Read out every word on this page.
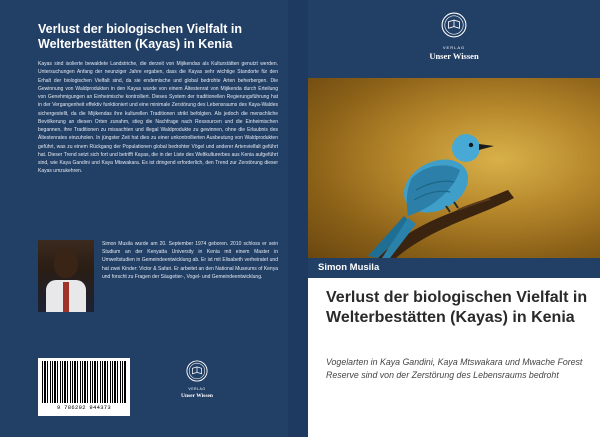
Verlust der biologischen Vielfalt in Welterbestätten (Kayas) in Kenia
Kayas sind isolierte bewaldete Landstriche, die derzeit von Mijikendas als Kulturstätten genutzt werden. Untersuchungen Anfang der neunziger Jahre ergaben, dass die Kayas sehr wichtige Standorte für den Erhalt der biologischen Vielfalt sind, da sie endemische und global bedrohte Arten beherbergen. Die Gewinnung von Waldprodukten in den Kayas wurde von einem Ältestenrat von Mijikenda durch Erteilung von Genehmigungen an Einheimische kontrolliert. Dieses System der traditionellen Regierungsführung hat in der Vergangenheit effektiv funktioniert und eine minimale Zerstörung des Lebensraums des Kaya-Waldes sichergestellt, da die Mijikendas ihre kulturellen Traditionen strikt befolgten. Als jedoch die menschliche Bevölkerung an diesen Orten zunahm, stieg die Nachfrage nach Ressourcen und die Einheimischen begannen, ihre Traditionen zu missachten und illegal Waldprodukte zu gewinnen, ohne die Erlaubnis des Ältestenrates einzuholen. In jüngster Zeit hat dies zu einer unkontrollierten Ausbeutung von Waldprodukten geführt, was zu einem Rückgang der Populationen global bedrohter Vögel und anderer Artenvielfalt geführt hat. Dieser Trend setzt sich fort und betrifft Kayas, die in der Liste des Weltkulturerbes aus Kenia aufgeführt sind, wie Kaya Gandini und Kaya Mtswakara. Es ist dringend erforderlich, den Trend zur Zerstörung dieser Kayas umzukehren.
Simon Musila wurde am 20. September 1974 geboren. 2010 schloss er sein Studium an der Kenyatta University in Kenia mit einem Master in Umweltstudien in Gemeindeentwicklung ab. Er ist mit Elisabeth verheiratet und hat zwei Kinder: Victor & Safari. Er arbeitet an den National Museums of Kenya und forscht zu Fragen der Säugetier-, Vogel- und Gemeindeentwicklung.
9 786202 944373
VERLAG
Unser Wissen
VERLAG
Unser Wissen
Simon Musila
Verlust der biologischen Vielfalt in Welterbestätten (Kayas) in Kenia
Vogelarten in Kaya Gandini, Kaya Mtswakara und Mwache Forest Reserve sind von der Zerstörung des Lebensraums bedroht
